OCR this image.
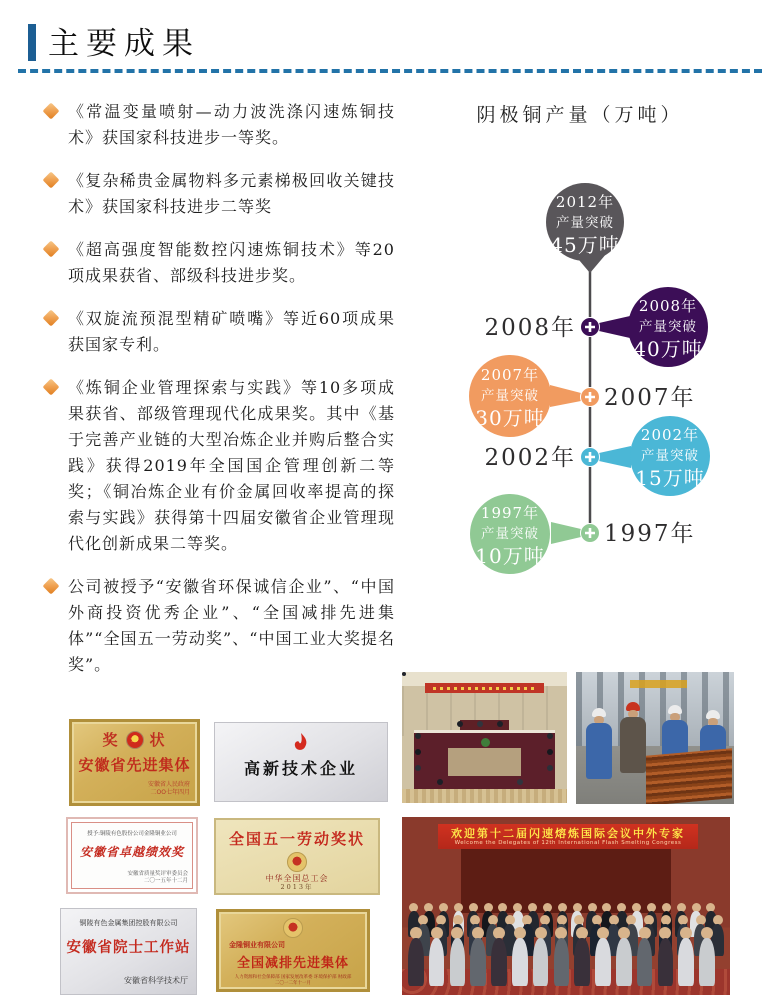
主要成果

《常温变量喷射—动力波洗涤闪速炼铜技术》获国家科技进步一等奖。

《复杂稀贵金属物料多元素梯极回收关键技术》获国家科技进步二等奖

《超高强度智能数控闪速炼铜技术》等20项成果获省、部级科技进步奖。

《双旋流预混型精矿喷嘴》等近60项成果获国家专利。

《炼铜企业管理探索与实践》等10多项成果获省、部级管理现代化成果奖。其中《基于完善产业链的大型冶炼企业并购后整合实践》获得2019年全国国企管理创新二等奖；《铜冶炼企业有价金属回收率提高的探索与实践》获得第十四届安徽省企业管理现代化创新成果二等奖。

公司被授予“安徽省环保诚信企业”、“中国外商投资优秀企业”、“全国减排先进集体”“全国五一劳动奖”、“中国工业大奖提名奖”。

阴极铜产量（万吨）
2012年
产量突破
45万吨
2008年
产量突破
40万吨
2008年
2007年
产量突破
30万吨
2007年
2002年
产量突破
15万吨
2002年
1997年
产量突破
10万吨
1997年
奖	★ 状
安徽省先进集体
安徽省人民政府
二OO七年四月
高新技术企业
授予:铜陵有色股份公司金隆铜业公司
安徽省卓越绩效奖
安徽省质量奖评审委员会
二〇一五年十二月
全国五一劳动奖状
中华全国总工会
2013年
铜陵有色金属集团控股有限公司
安徽省院士工作站
安徽省科学技术厅
金隆铜业有限公司
全国减排先进集体
人力资源和社会保障部 国家发展改革委 环境保护部 财政部
二〇一二年十一月
欢迎第十二届闪速熔炼国际会议中外专家
Welcome the Delegates of 12th International Flash Smelting Congress
